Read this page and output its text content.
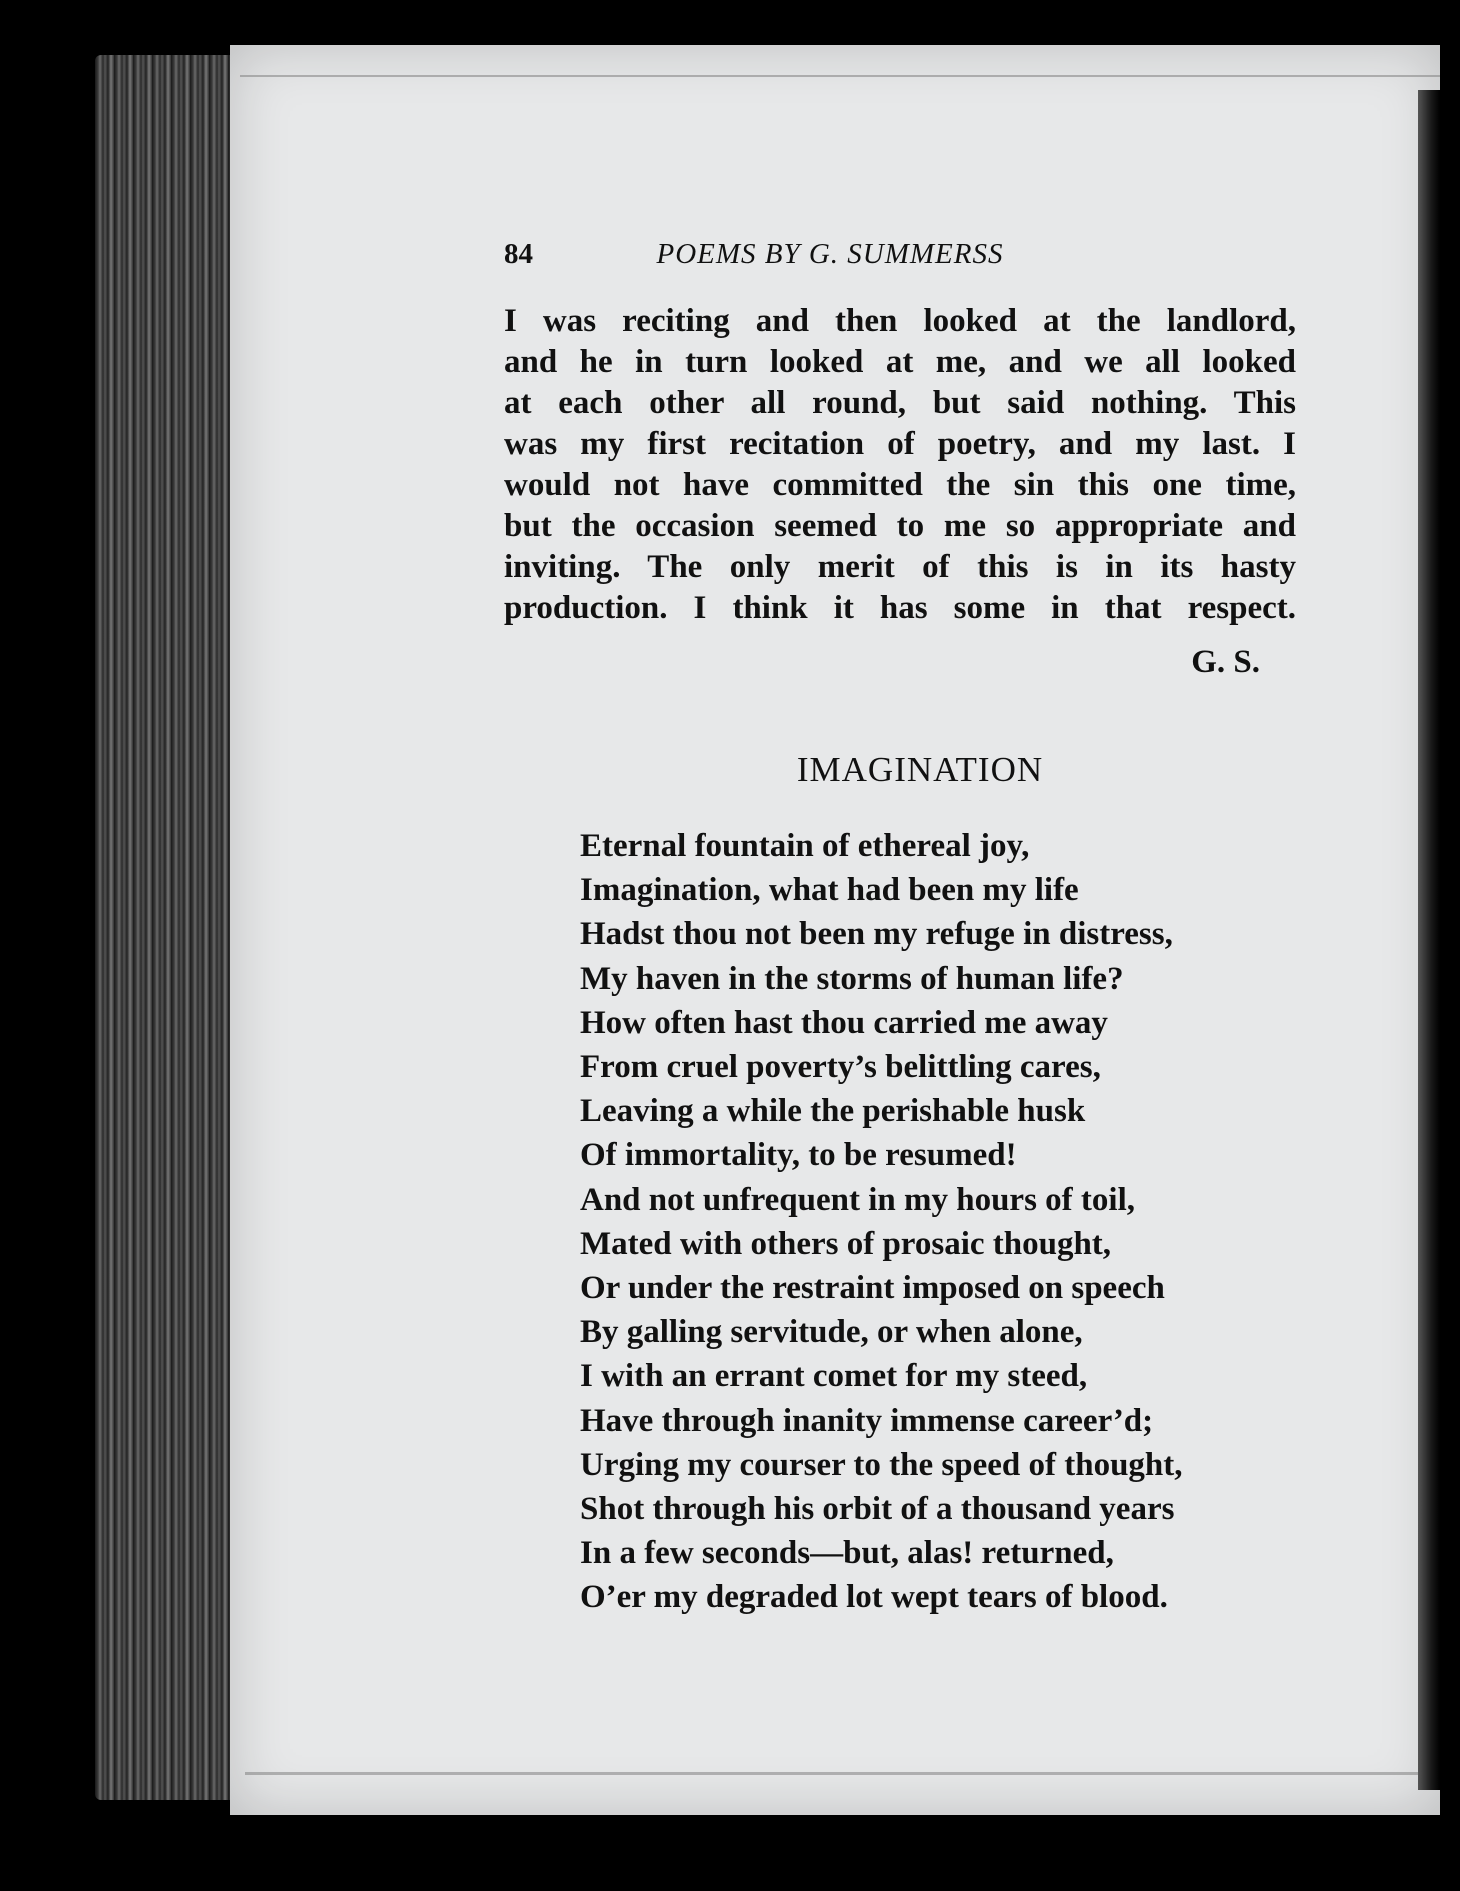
84	POEMS BY G. SUMMERSS
I was reciting and then looked at the landlord,
and he in turn looked at me, and we all looked
at each other all round, but said nothing. This
was my first recitation of poetry, and my last. I
would not have committed the sin this one time,
but the occasion seemed to me so appropriate and
inviting. The only merit of this is in its hasty
production. I think it has some in that respect.
G. S.
IMAGINATION
Eternal fountain of ethereal joy,
Imagination, what had been my life
Hadst thou not been my refuge in distress,
My haven in the storms of human life?
How often hast thou carried me away
From cruel poverty’s belittling cares,
Leaving a while the perishable husk
Of immortality, to be resumed!
And not unfrequent in my hours of toil,
Mated with others of prosaic thought,
Or under the restraint imposed on speech
By galling servitude, or when alone,
I with an errant comet for my steed,
Have through inanity immense career’d;
Urging my courser to the speed of thought,
Shot through his orbit of a thousand years
In a few seconds—but, alas! returned,
O’er my degraded lot wept tears of blood.
